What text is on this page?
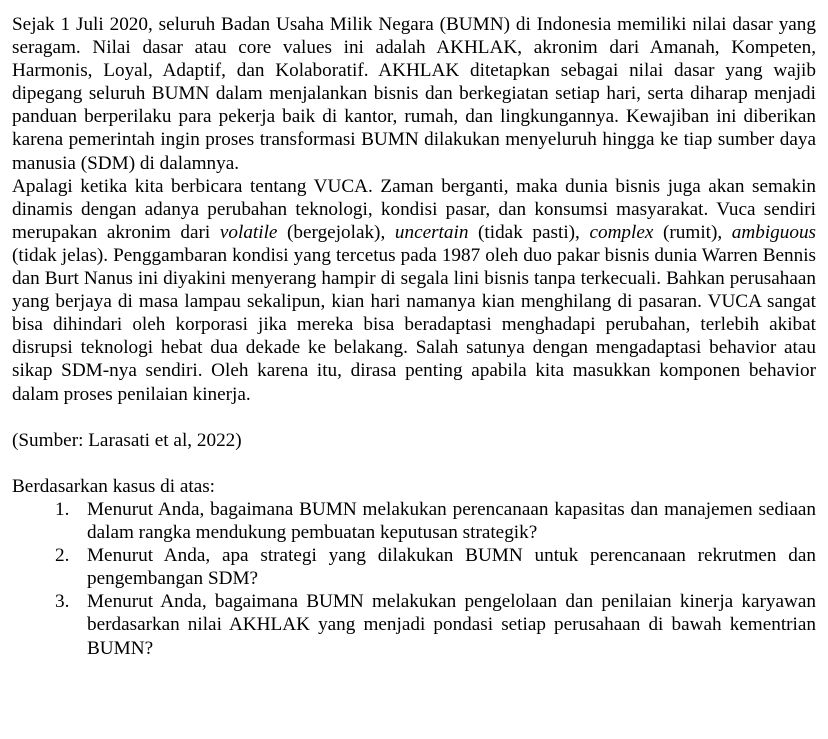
Sejak 1 Juli 2020, seluruh Badan Usaha Milik Negara (BUMN) di Indonesia memiliki nilai dasar yang seragam. Nilai dasar atau core values ini adalah AKHLAK, akronim dari Amanah, Kompeten, Harmonis, Loyal, Adaptif, dan Kolaboratif. AKHLAK ditetapkan sebagai nilai dasar yang wajib dipegang seluruh BUMN dalam menjalankan bisnis dan berkegiatan setiap hari, serta diharap menjadi panduan berperilaku para pekerja baik di kantor, rumah, dan lingkungannya. Kewajiban ini diberikan karena pemerintah ingin proses transformasi BUMN dilakukan menyeluruh hingga ke tiap sumber daya manusia (SDM) di dalamnya.

Apalagi ketika kita berbicara tentang VUCA. Zaman berganti, maka dunia bisnis juga akan semakin dinamis dengan adanya perubahan teknologi, kondisi pasar, dan konsumsi masyarakat. Vuca sendiri merupakan akronim dari volatile (bergejolak), uncertain (tidak pasti), complex (rumit), ambiguous (tidak jelas). Penggambaran kondisi yang tercetus pada 1987 oleh duo pakar bisnis dunia Warren Bennis dan Burt Nanus ini diyakini menyerang hampir di segala lini bisnis tanpa terkecuali. Bahkan perusahaan yang berjaya di masa lampau sekalipun, kian hari namanya kian menghilang di pasaran. VUCA sangat bisa dihindari oleh korporasi jika mereka bisa beradaptasi menghadapi perubahan, terlebih akibat disrupsi teknologi hebat dua dekade ke belakang. Salah satunya dengan mengadaptasi behavior atau sikap SDM-nya sendiri. Oleh karena itu, dirasa penting apabila kita masukkan komponen behavior dalam proses penilaian kinerja.

(Sumber: Larasati et al, 2022)

Berdasarkan kasus di atas:

1. Menurut Anda, bagaimana BUMN melakukan perencanaan kapasitas dan manajemen sediaan dalam rangka mendukung pembuatan keputusan strategik?
2. Menurut Anda, apa strategi yang dilakukan BUMN untuk perencanaan rekrutmen dan pengembangan SDM?
3. Menurut Anda, bagaimana BUMN melakukan pengelolaan dan penilaian kinerja karyawan berdasarkan nilai AKHLAK yang menjadi pondasi setiap perusahaan di bawah kementrian BUMN?
